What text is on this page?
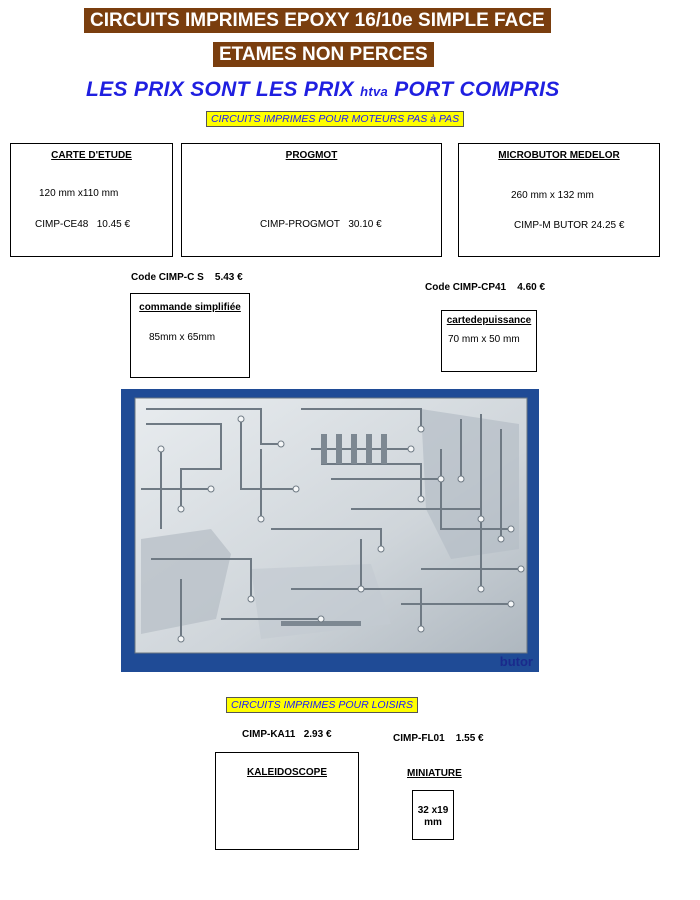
CIRCUITS IMPRIMES EPOXY 16/10e SIMPLE FACE
ETAMES NON PERCES
LES PRIX SONT LES PRIX htva PORT COMPRIS
CIRCUITS IMPRIMES POUR MOTEURS PAS à PAS
CARTE D'ETUDE
120 mm x110 mm
CIMP-CE48 10.45 €
PROGMOT
CIMP-PROGMOT 30.10 €
MICROBUTOR MEDELOR
260 mm x 132 mm
CIMP-M BUTOR 24.25 €
Code CIMP-C S 5.43 €
commande simplifiée
85mm x 65mm
Code CIMP-CP41 4.60 €
cartedepuissance
70 mm x 50 mm
butor
CIRCUITS IMPRIMES POUR LOISIRS
CIMP-KA11 2.93 €
KALEIDOSCOPE
CIMP-FL01 1.55 €
MINIATURE
32 x19 mm
